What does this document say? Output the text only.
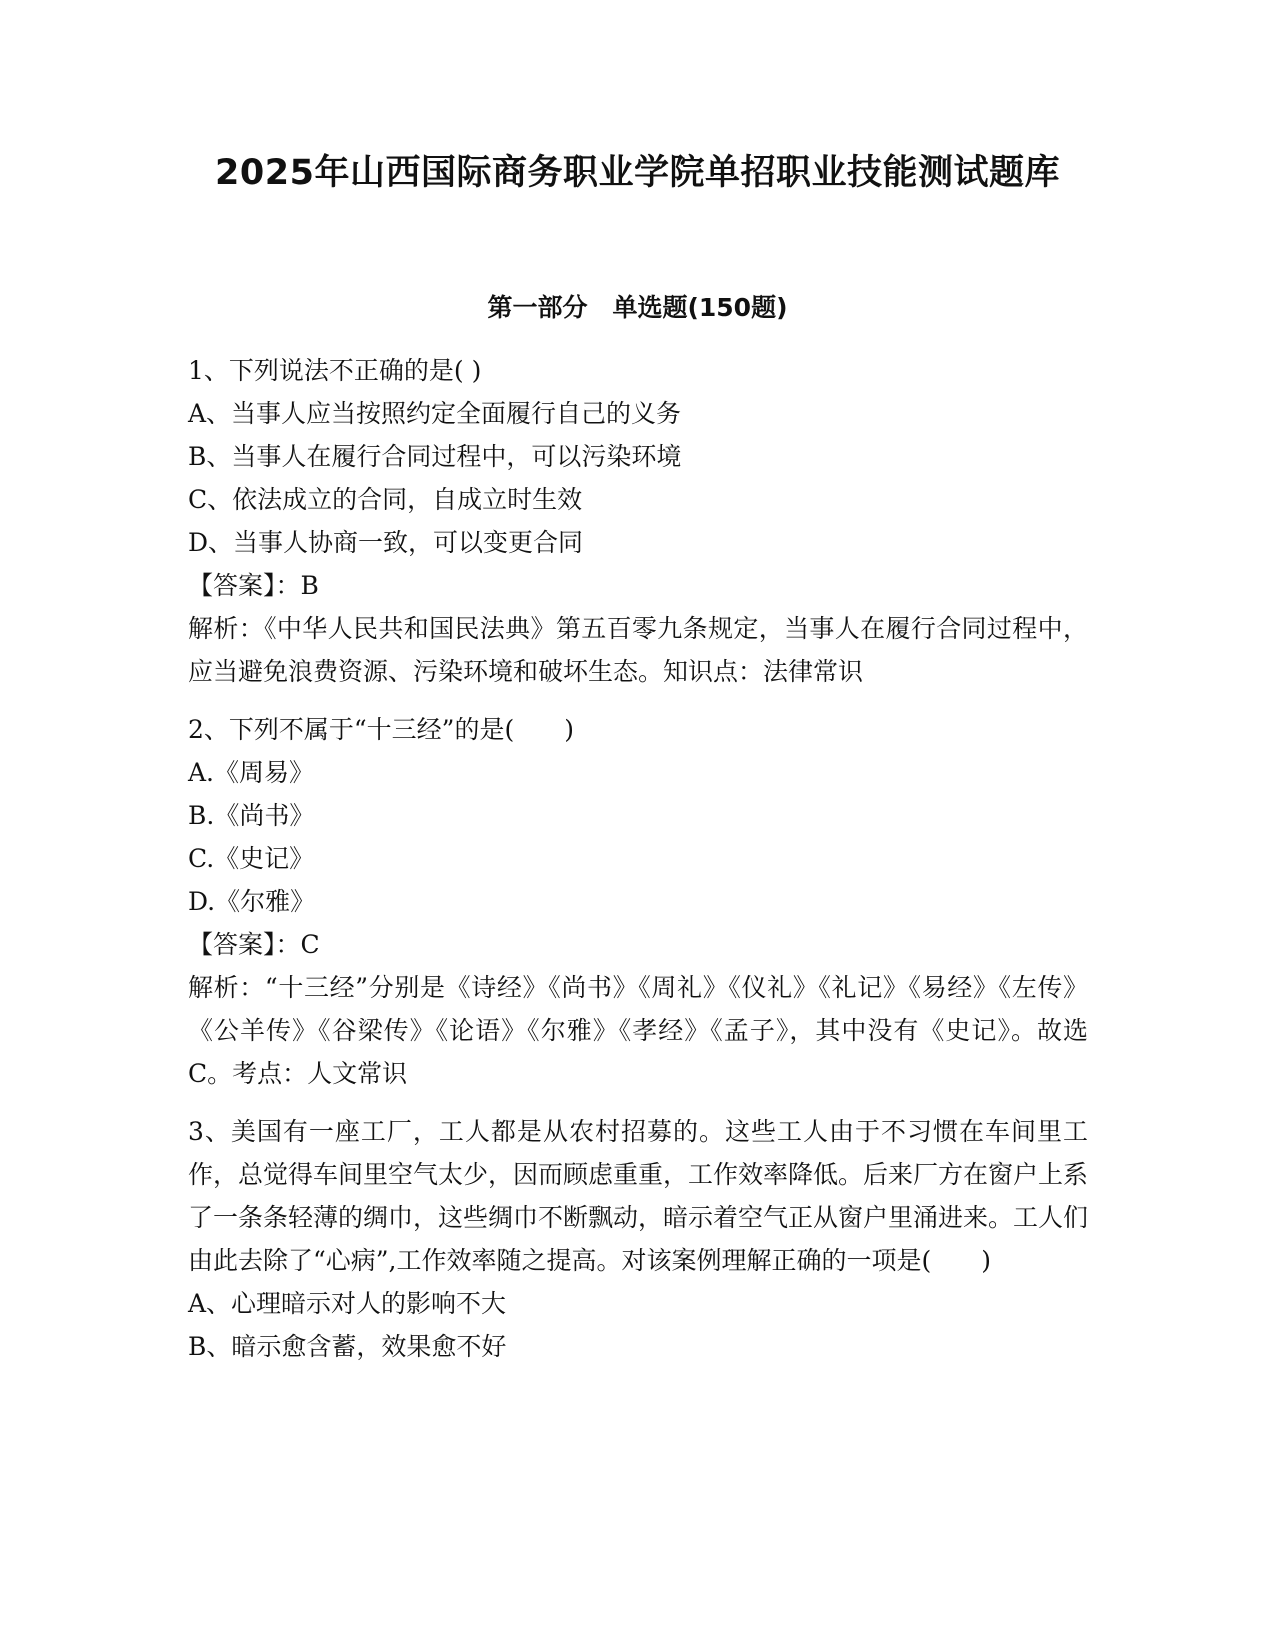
2025年山西国际商务职业学院单招职业技能测试题库
第一部分　单选题(150题)

1、下列说法不正确的是( )

A、当事人应当按照约定全面履行自己的义务

B、当事人在履行合同过程中，可以污染环境

C、依法成立的合同，自成立时生效

D、当事人协商一致，可以变更合同

【答案】：B

解析：《中华人民共和国民法典》第五百零九条规定，当事人在履行合同过程中，应当避免浪费资源、污染环境和破坏生态。知识点：法律常识

2、下列不属于“十三经”的是(　　)

A.《周易》

B.《尚书》

C.《史记》

D.《尔雅》

【答案】：C

解析：“十三经”分别是《诗经》《尚书》《周礼》《仪礼》《礼记》《易经》《左传》《公羊传》《谷梁传》《论语》《尔雅》《孝经》《孟子》，其中没有《史记》。故选C。考点：人文常识

3、美国有一座工厂，工人都是从农村招募的。这些工人由于不习惯在车间里工作，总觉得车间里空气太少，因而顾虑重重，工作效率降低。后来厂方在窗户上系了一条条轻薄的绸巾，这些绸巾不断飘动，暗示着空气正从窗户里涌进来。工人们由此去除了“心病”,工作效率随之提高。对该案例理解正确的一项是(　　)

A、心理暗示对人的影响不大

B、暗示愈含蓄，效果愈不好
